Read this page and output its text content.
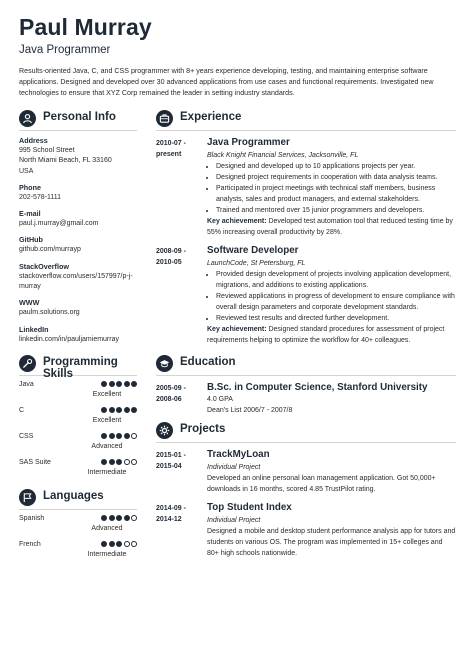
Paul Murray
Java Programmer
Results-oriented Java, C, and CSS programmer with 8+ years experience developing, testing, and maintaining enterprise software applications. Designed and developed over 30 advanced applications from use cases and functional requirements. Investigated new technologies to ensure that XYZ Corp remained the leader in setting industry standards.
Personal Info
Address
995 School Street
North Miami Beach, FL 33160
USA
Phone
202-578-1111
E-mail
paul.j.murray@gmail.com
GitHub
github.com/murrayp
StackOverflow
stackoverflow.com/users/157997/p-j-
murray
WWW
paulm.solutions.org
LinkedIn
linkedin.com/in/pauljamiemurray
Programming Skills
Java
Excellent
C
Excellent
CSS
Advanced
SAS Suite
Intermediate
Languages
Spanish
Advanced
French
Intermediate
Experience
2010-07 -
present
Java Programmer
Black Knight Financial Services, Jacksonville, FL
• Designed and developed up to 10 applications projects per year.
• Designed project requirements in cooperation with data analysis teams.
• Participated in project meetings with technical staff members, business analysts, sales and product managers, and external stakeholders.
• Trained and mentored over 15 junior programmers and developers.
Key achievement: Developed test automation tool that reduced testing time by 55% increasing overall productivity by 28%.
2008-09 -
2010-05
Software Developer
LaunchCode, St Petersburg, FL
• Provided design development of projects involving application development, migrations, and additions to existing applications.
• Reviewed applications in progress of development to ensure compliance with overall design parameters and corporate development standards.
• Reviewed test results and directed further development.
Key achievement: Designed standard procedures for assessment of project requirements helping to optimize the workflow for 40+ colleagues.
Education
2005-09 -
2008-06
B.Sc. in Computer Science, Stanford University
4.0 GPA
Dean's List 2006/7 - 2007/8
Projects
2015-01 -
2015-04
TrackMyLoan
Individual Project
Developed an online personal loan management application. Got 50,000+ downloads in 16 months, scored 4.85 TrustPilot rating.
2014-09 -
2014-12
Top Student Index
Individual Project
Designed a mobile and desktop student performance analysis app for tutors and students on various OS. The program was implemented in 15+ colleges and 80+ high schools nationwide.
